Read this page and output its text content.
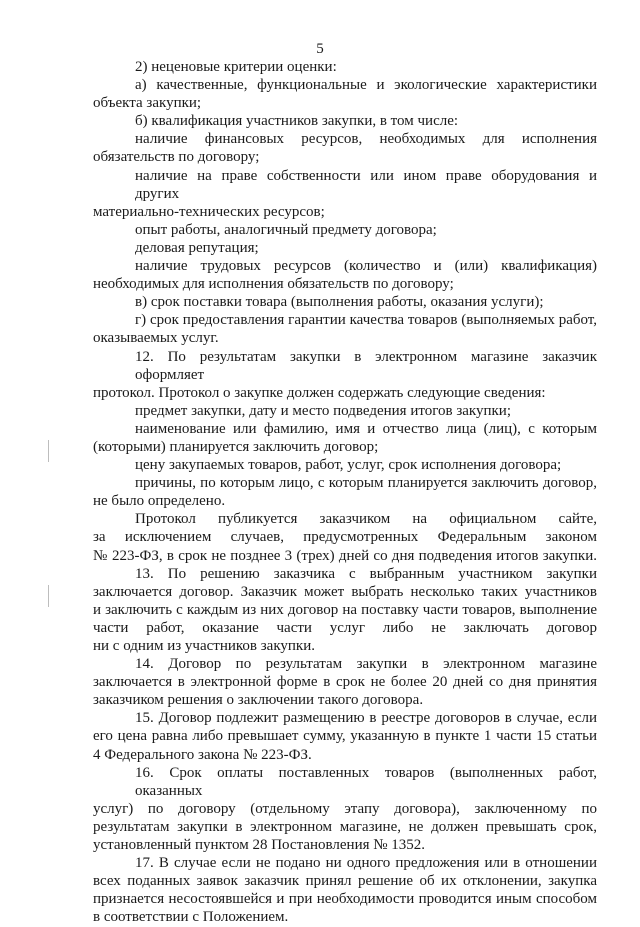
5
2) неценовые критерии оценки:
а) качественные, функциональные и экологические характеристики
объекта закупки;
б) квалификация участников закупки, в том числе:
наличие финансовых ресурсов, необходимых для исполнения
обязательств по договору;
наличие на праве собственности или ином праве оборудования и других
материально-технических ресурсов;
опыт работы, аналогичный предмету договора;
деловая репутация;
наличие трудовых ресурсов (количество и (или) квалификация)
необходимых для исполнения обязательств по договору;
в) срок поставки товара (выполнения работы, оказания услуги);
г) срок предоставления гарантии качества товаров (выполняемых работ,
оказываемых услуг.
12. По результатам закупки в электронном магазине заказчик оформляет
протокол. Протокол о закупке должен содержать следующие сведения:
предмет закупки, дату и место подведения итогов закупки;
наименование или фамилию, имя и отчество лица (лиц), с которым
(которыми) планируется заключить договор;
цену закупаемых товаров, работ, услуг, срок исполнения договора;
причины, по которым лицо, с которым планируется заключить договор,
не было определено.
Протокол публикуется заказчиком на официальном сайте,
за исключением случаев, предусмотренных Федеральным законом
№ 223-ФЗ, в срок не позднее 3 (трех) дней со дня подведения итогов закупки.
13. По решению заказчика с выбранным участником закупки
заключается договор. Заказчик может выбрать несколько таких участников
и заключить с каждым из них договор на поставку части товаров, выполнение
части работ, оказание части услуг либо не заключать договор
ни с одним из участников закупки.
14. Договор по результатам закупки в электронном магазине
заключается в электронной форме в срок не более 20 дней со дня принятия
заказчиком решения о заключении такого договора.
15. Договор подлежит размещению в реестре договоров в случае, если
его цена равна либо превышает сумму, указанную в пункте 1 части 15 статьи
4 Федерального закона № 223-ФЗ.
16. Срок оплаты поставленных товаров (выполненных работ, оказанных
услуг) по договору (отдельному этапу договора), заключенному по
результатам закупки в электронном магазине, не должен превышать срок,
установленный пунктом 28 Постановления № 1352.
17. В случае если не подано ни одного предложения или в отношении
всех поданных заявок заказчик принял решение об их отклонении, закупка
признается несостоявшейся и при необходимости проводится иным способом
в соответствии с Положением.
